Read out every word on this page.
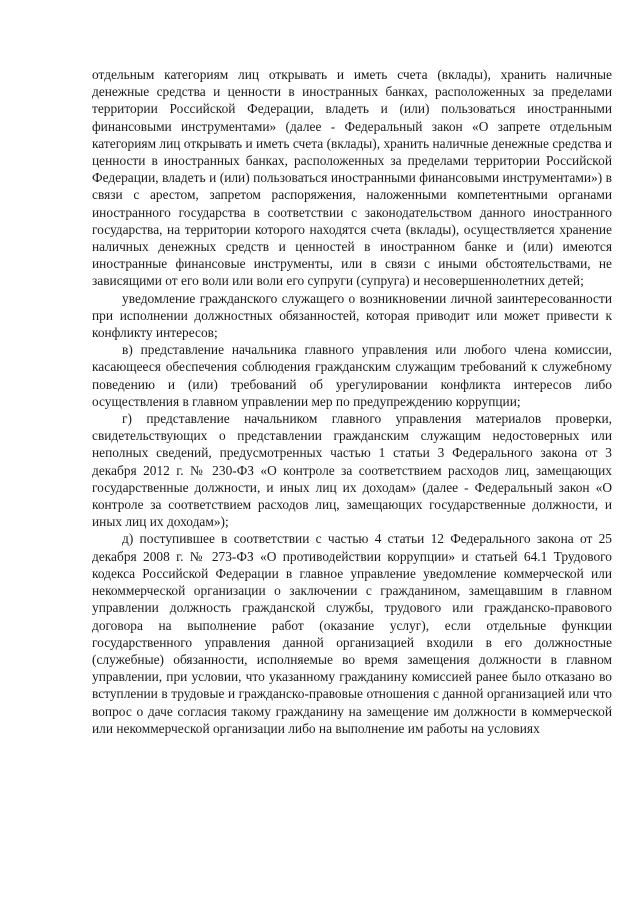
отдельным категориям лиц открывать и иметь счета (вклады), хранить наличные денежные средства и ценности в иностранных банках, расположенных за пределами территории Российской Федерации, владеть и (или) пользоваться иностранными финансовыми инструментами» (далее - Федеральный закон «О запрете отдельным категориям лиц открывать и иметь счета (вклады), хранить наличные денежные средства и ценности в иностранных банках, расположенных за пределами территории Российской Федерации, владеть и (или) пользоваться иностранными финансовыми инструментами») в связи с арестом, запретом распоряжения, наложенными компетентными органами иностранного государства в соответствии с законодательством данного иностранного государства, на территории которого находятся счета (вклады), осуществляется хранение наличных денежных средств и ценностей в иностранном банке и (или) имеются иностранные финансовые инструменты, или в связи с иными обстоятельствами, не зависящими от его воли или воли его супруги (супруга) и несовершеннолетних детей;

уведомление гражданского служащего о возникновении личной заинтересованности при исполнении должностных обязанностей, которая приводит или может привести к конфликту интересов;

в) представление начальника главного управления или любого члена комиссии, касающееся обеспечения соблюдения гражданским служащим требований к служебному поведению и (или) требований об урегулировании конфликта интересов либо осуществления в главном управлении мер по предупреждению коррупции;

г) представление начальником главного управления материалов проверки, свидетельствующих о представлении гражданским служащим недостоверных или неполных сведений, предусмотренных частью 1 статьи 3 Федерального закона от 3 декабря 2012 г. № 230-ФЗ «О контроле за соответствием расходов лиц, замещающих государственные должности, и иных лиц их доходам» (далее - Федеральный закон «О контроле за соответствием расходов лиц, замещающих государственные должности, и иных лиц их доходам»);

д) поступившее в соответствии с частью 4 статьи 12 Федерального закона от 25 декабря 2008 г. № 273-ФЗ «О противодействии коррупции» и статьей 64.1 Трудового кодекса Российской Федерации в главное управление уведомление коммерческой или некоммерческой организации о заключении с гражданином, замещавшим в главном управлении должность гражданской службы, трудового или гражданско-правового договора на выполнение работ (оказание услуг), если отдельные функции государственного управления данной организацией входили в его должностные (служебные) обязанности, исполняемые во время замещения должности в главном управлении, при условии, что указанному гражданину комиссией ранее было отказано во вступлении в трудовые и гражданско-правовые отношения с данной организацией или что вопрос о даче согласия такому гражданину на замещение им должности в коммерческой или некоммерческой организации либо на выполнение им работы на условиях
